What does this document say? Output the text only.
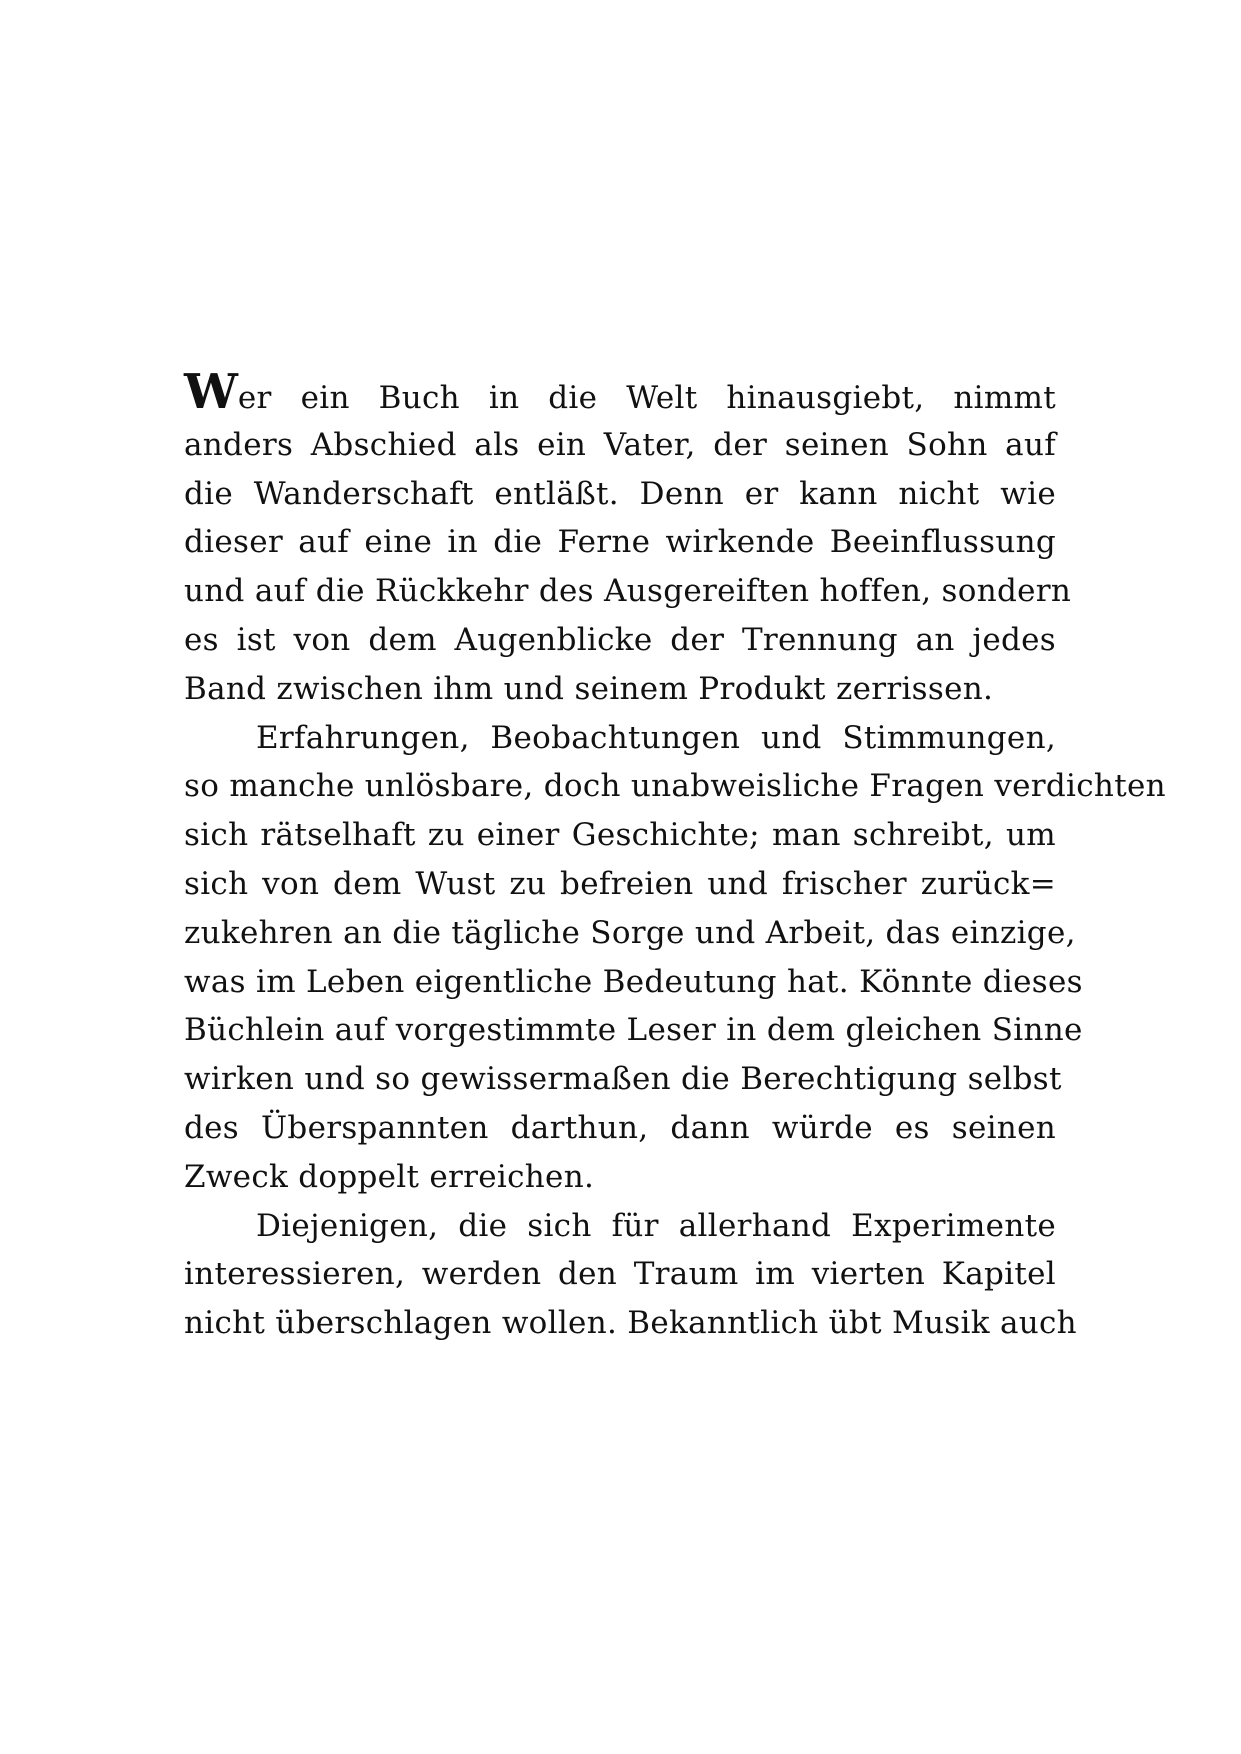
Wer ein Buch in die Welt hinausgiebt, nimmt
anders Abschied als ein Vater, der seinen Sohn auf
die Wanderschaft entläßt. Denn er kann nicht wie
dieser auf eine in die Ferne wirkende Beeinflussung
und auf die Rückkehr des Ausgereiften hoffen, sondern
es ist von dem Augenblicke der Trennung an jedes
Band zwischen ihm und seinem Produkt zerrissen.
Erfahrungen, Beobachtungen und Stimmungen,
so manche unlösbare, doch unabweisliche Fragen verdichten
sich rätselhaft zu einer Geschichte; man schreibt, um
sich von dem Wust zu befreien und frischer zurück=
zukehren an die tägliche Sorge und Arbeit, das einzige,
was im Leben eigentliche Bedeutung hat. Könnte dieses
Büchlein auf vorgestimmte Leser in dem gleichen Sinne
wirken und so gewissermaßen die Berechtigung selbst
des Überspannten darthun, dann würde es seinen
Zweck doppelt erreichen.
Diejenigen, die sich für allerhand Experimente
interessieren, werden den Traum im vierten Kapitel
nicht überschlagen wollen. Bekanntlich übt Musik auch
